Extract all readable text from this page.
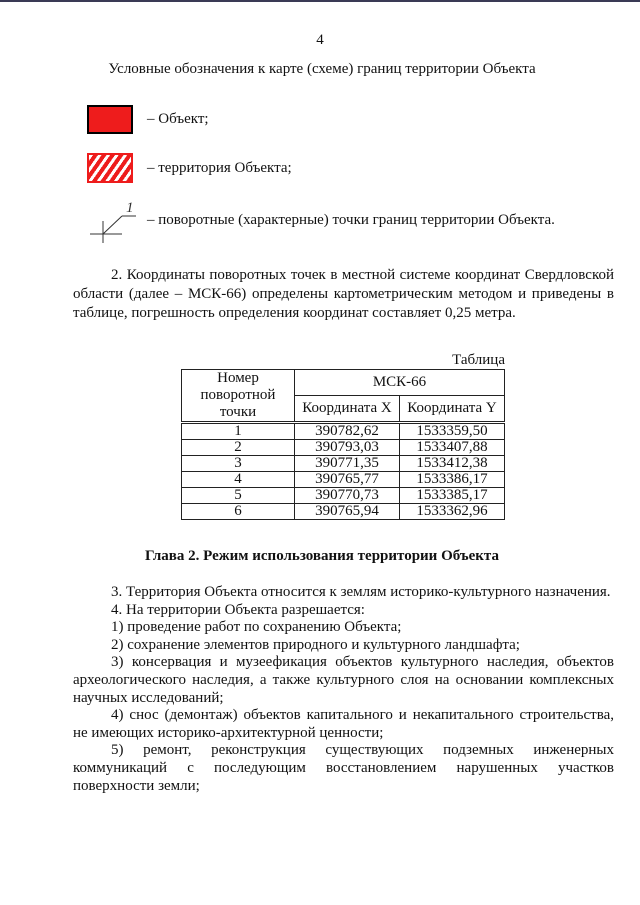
4
Условные обозначения к карте (схеме) границ территории Объекта
– Объект;
– территория Объекта;
1
– поворотные (характерные) точки границ территории Объекта.
2. Координаты поворотных точек в местной системе координат Свердловской области (далее – МСК-66) определены картометрическим методом и приведены в таблице, погрешность определения координат составляет 0,25 метра.
Таблица
Номер поворотной точки	МСК-66	
	Координата X	Координата Y
1	390782,62	1533359,50
2	390793,03	1533407,88
3	390771,35	1533412,38
4	390765,77	1533386,17
5	390770,73	1533385,17
6	390765,94	1533362,96
Глава 2. Режим использования территории Объекта

3. Территория Объекта относится к землям историко-культурного назначения.

4. На территории Объекта разрешается:

1) проведение работ по сохранению Объекта;

2) сохранение элементов природного и культурного ландшафта;

3) консервация и музеефикация объектов культурного наследия, объектов археологического наследия, а также культурного слоя на основании комплексных научных исследований;

4) снос (демонтаж) объектов капитального и некапитального строительства, не имеющих историко-архитектурной ценности;

5) ремонт, реконструкция существующих подземных инженерных коммуникаций с последующим восстановлением нарушенных участков поверхности земли;
